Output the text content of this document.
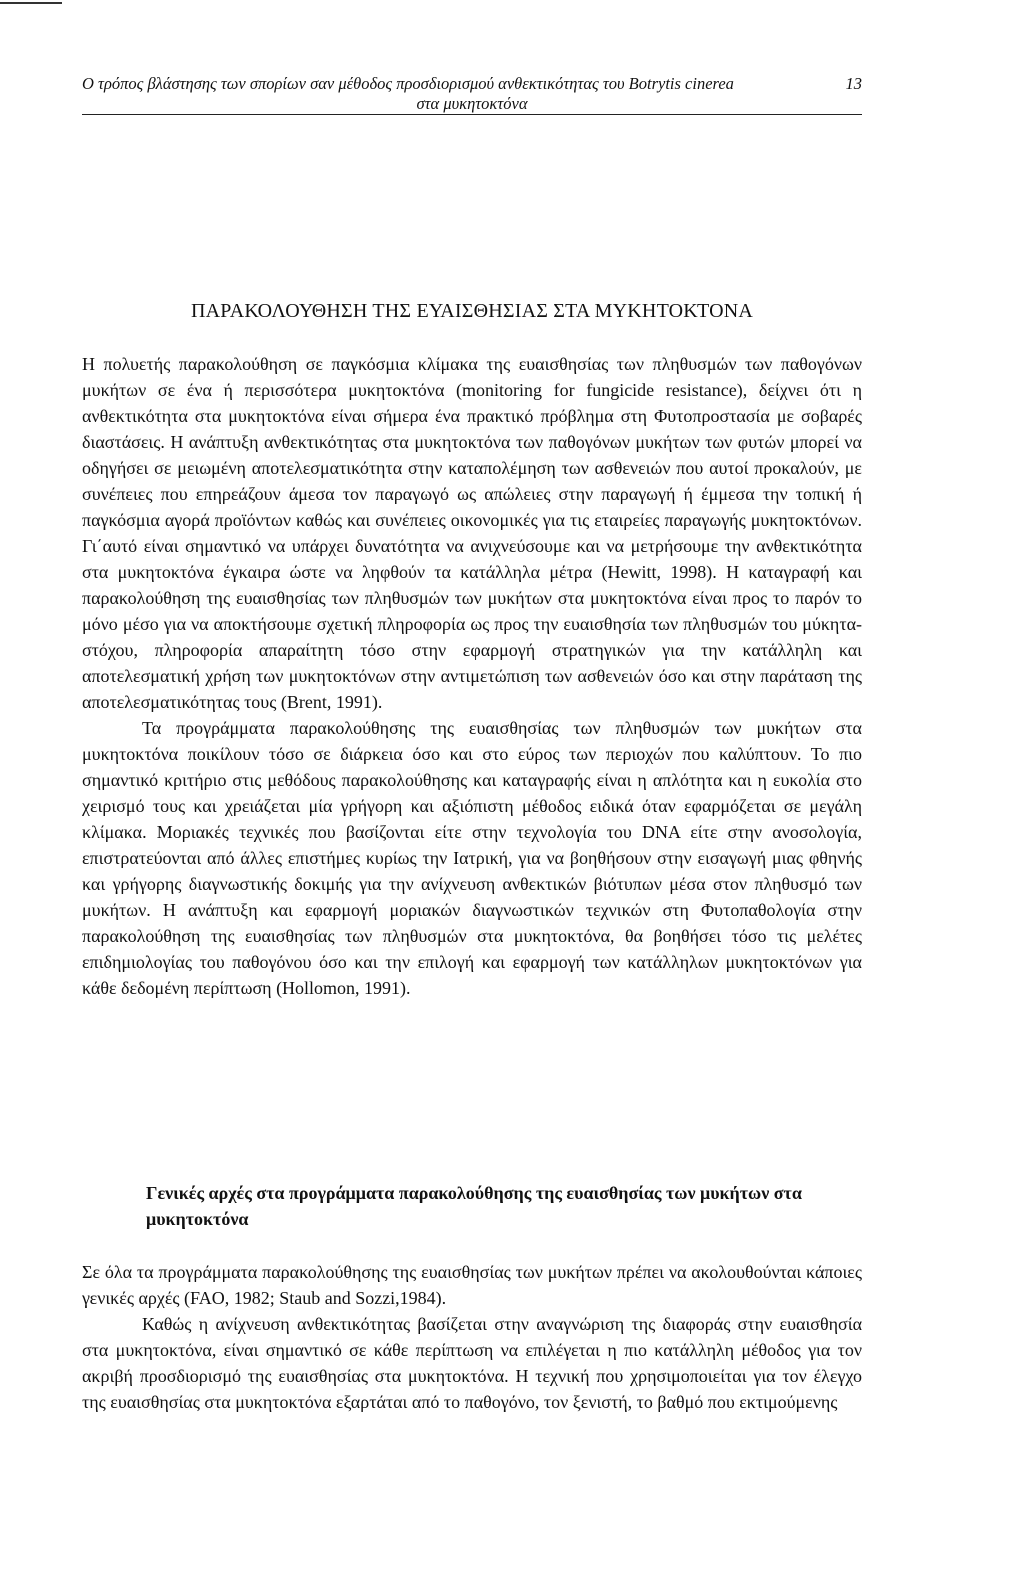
Ο τρόπος βλάστησης των σπορίων σαν μέθοδος προσδιορισμού ανθεκτικότητας του Botrytis cinerea	13
στα μυκητοκτόνα
ΠΑΡΑΚΟΛΟΥΘΗΣΗ ΤΗΣ ΕΥΑΙΣΘΗΣΙΑΣ ΣΤΑ ΜΥΚΗΤΟΚΤΟΝΑ

Η πολυετής παρακολούθηση σε παγκόσμια κλίμακα της ευαισθησίας των πληθυσμών των παθογόνων μυκήτων σε ένα ή περισσότερα μυκητοκτόνα (monitoring for fungicide resistance), δείχνει ότι η ανθεκτικότητα στα μυκητοκτόνα είναι σήμερα ένα πρακτικό πρόβλημα στη Φυτοπροστασία με σοβαρές διαστάσεις. Η ανάπτυξη ανθεκτικότητας στα μυκητοκτόνα των παθογόνων μυκήτων των φυτών μπορεί να οδηγήσει σε μειωμένη αποτελεσματικότητα στην καταπολέμηση των ασθενειών που αυτοί προκαλούν, με συνέπειες που επηρεάζουν άμεσα τον παραγωγό ως απώλειες στην παραγωγή ή έμμεσα την τοπική ή παγκόσμια αγορά προϊόντων καθώς και συνέπειες οικονομικές για τις εταιρείες παραγωγής μυκητοκτόνων. Γι΄αυτό είναι σημαντικό να υπάρχει δυνατότητα να ανιχνεύσουμε και να μετρήσουμε την ανθεκτικότητα στα μυκητοκτόνα έγκαιρα ώστε να ληφθούν τα κατάλληλα μέτρα (Hewitt, 1998). Η καταγραφή και παρακολούθηση της ευαισθησίας των πληθυσμών των μυκήτων στα μυκητοκτόνα είναι προς το παρόν το μόνο μέσο για να αποκτήσουμε σχετική πληροφορία ως προς την ευαισθησία των πληθυσμών του μύκητα-στόχου, πληροφορία απαραίτητη τόσο στην εφαρμογή στρατηγικών για την κατάλληλη και αποτελεσματική χρήση των μυκητοκτόνων στην αντιμετώπιση των ασθενειών όσο και στην παράταση της αποτελεσματικότητας τους (Brent, 1991).

Τα προγράμματα παρακολούθησης της ευαισθησίας των πληθυσμών των μυκήτων στα μυκητοκτόνα ποικίλουν τόσο σε διάρκεια όσο και στο εύρος των περιοχών που καλύπτουν. Το πιο σημαντικό κριτήριο στις μεθόδους παρακολούθησης και καταγραφής είναι η απλότητα και η ευκολία στο χειρισμό τους και χρειάζεται μία γρήγορη και αξιόπιστη μέθοδος ειδικά όταν εφαρμόζεται σε μεγάλη κλίμακα. Μοριακές τεχνικές που βασίζονται είτε στην τεχνολογία του DNA είτε στην ανοσολογία, επιστρατεύονται από άλλες επιστήμες κυρίως την Ιατρική, για να βοηθήσουν στην εισαγωγή μιας φθηνής και γρήγορης διαγνωστικής δοκιμής για την ανίχνευση ανθεκτικών βιότυπων μέσα στον πληθυσμό των μυκήτων. Η ανάπτυξη και εφαρμογή μοριακών διαγνωστικών τεχνικών στη Φυτοπαθολογία στην παρακολούθηση της ευαισθησίας των πληθυσμών στα μυκητοκτόνα, θα βοηθήσει τόσο τις μελέτες επιδημιολογίας του παθογόνου όσο και την επιλογή και εφαρμογή των κατάλληλων μυκητοκτόνων για κάθε δεδομένη περίπτωση (Hollomon, 1991).

Γενικές αρχές στα προγράμματα παρακολούθησης της ευαισθησίας των μυκήτων στα μυκητοκτόνα

Σε όλα τα προγράμματα παρακολούθησης της ευαισθησίας των μυκήτων πρέπει να ακολουθούνται κάποιες γενικές αρχές (FAO, 1982; Staub and Sozzi,1984).

Καθώς η ανίχνευση ανθεκτικότητας βασίζεται στην αναγνώριση της διαφοράς στην ευαισθησία στα μυκητοκτόνα, είναι σημαντικό σε κάθε περίπτωση να επιλέγεται η πιο κατάλληλη μέθοδος για τον ακριβή προσδιορισμό της ευαισθησίας στα μυκητοκτόνα. Η τεχνική που χρησιμοποιείται για τον έλεγχο της ευαισθησίας στα μυκητοκτόνα εξαρτάται από το παθογόνο, τον ξενιστή, το βαθμό που εκτιμούμενης
